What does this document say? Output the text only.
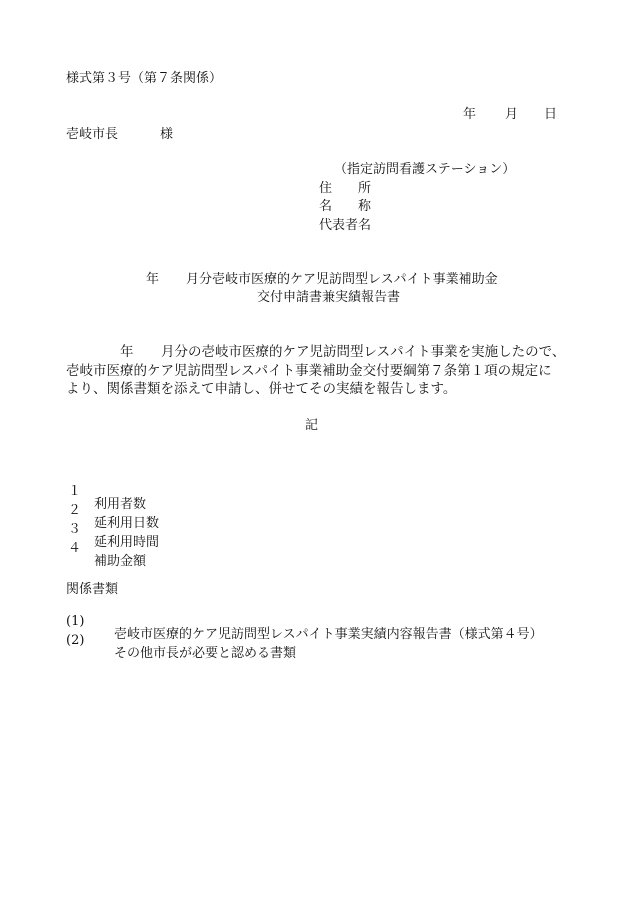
様式第３号（第７条関係）
年 月 日
壱岐市長	様
（指定訪問看護ステーション）
住　　所
名　　称
代表者名
年 月分壱岐市医療的ケア児訪問型レスパイト事業補助金
交付申請書兼実績報告書
年 月分の壱岐市医療的ケア児訪問型レスパイト事業を実施したので、
壱岐市医療的ケア児訪問型レスパイト事業補助金交付要綱第７条第１項の規定に
より、関係書類を添えて申請し、併せてその実績を報告します。
記

１

利用者数

２

延利用日数

３

延利用時間

４

補助金額

関係書類

(1)

壱岐市医療的ケア児訪問型レスパイト事業実績内容報告書（様式第４号）

(2)

その他市長が必要と認める書類
